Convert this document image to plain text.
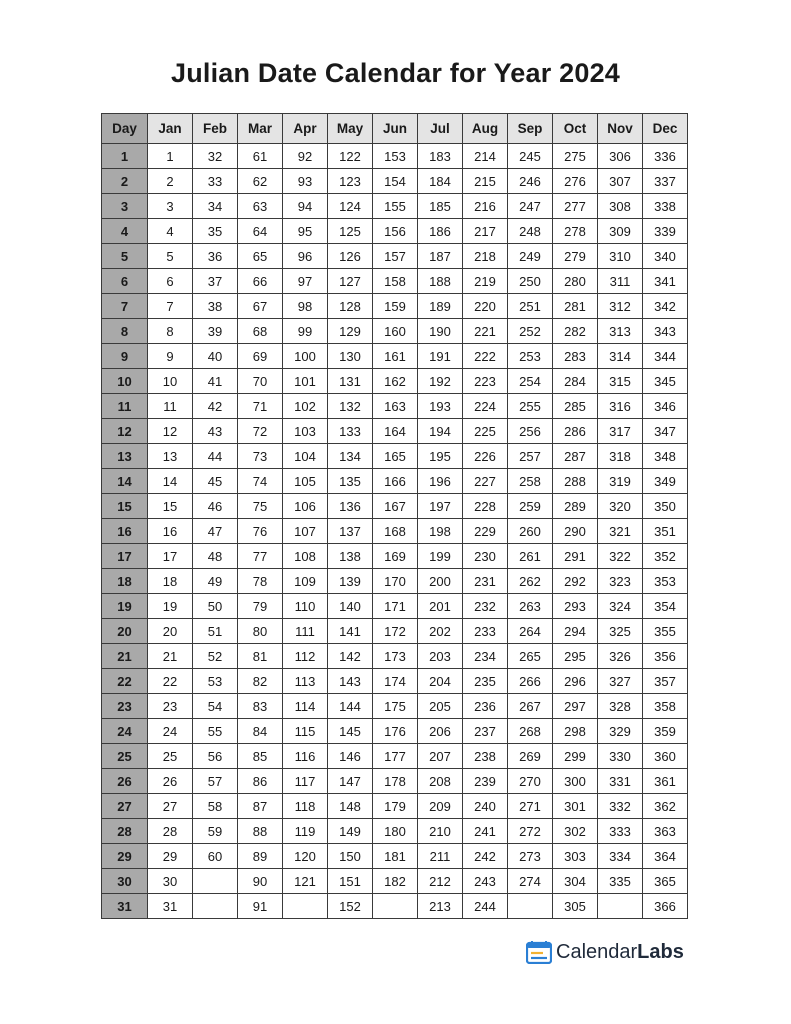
Julian Date Calendar for Year 2024
Day	Jan	Feb	Mar	Apr	May	Jun	Jul	Aug	Sep	Oct	Nov	Dec
1	1	32	61	92	122	153	183	214	245	275	306	336
2	2	33	62	93	123	154	184	215	246	276	307	337
3	3	34	63	94	124	155	185	216	247	277	308	338
4	4	35	64	95	125	156	186	217	248	278	309	339
5	5	36	65	96	126	157	187	218	249	279	310	340
6	6	37	66	97	127	158	188	219	250	280	311	341
7	7	38	67	98	128	159	189	220	251	281	312	342
8	8	39	68	99	129	160	190	221	252	282	313	343
9	9	40	69	100	130	161	191	222	253	283	314	344
10	10	41	70	101	131	162	192	223	254	284	315	345
11	11	42	71	102	132	163	193	224	255	285	316	346
12	12	43	72	103	133	164	194	225	256	286	317	347
13	13	44	73	104	134	165	195	226	257	287	318	348
14	14	45	74	105	135	166	196	227	258	288	319	349
15	15	46	75	106	136	167	197	228	259	289	320	350
16	16	47	76	107	137	168	198	229	260	290	321	351
17	17	48	77	108	138	169	199	230	261	291	322	352
18	18	49	78	109	139	170	200	231	262	292	323	353
19	19	50	79	110	140	171	201	232	263	293	324	354
20	20	51	80	111	141	172	202	233	264	294	325	355
21	21	52	81	112	142	173	203	234	265	295	326	356
22	22	53	82	113	143	174	204	235	266	296	327	357
23	23	54	83	114	144	175	205	236	267	297	328	358
24	24	55	84	115	145	176	206	237	268	298	329	359
25	25	56	85	116	146	177	207	238	269	299	330	360
26	26	57	86	117	147	178	208	239	270	300	331	361
27	27	58	87	118	148	179	209	240	271	301	332	362
28	28	59	88	119	149	180	210	241	272	302	333	363
29	29	60	89	120	150	181	211	242	273	303	334	364
30	30		90	121	151	182	212	243	274	304	335	365
31	31		91		152		213	244		305		366
CalendarLabs
